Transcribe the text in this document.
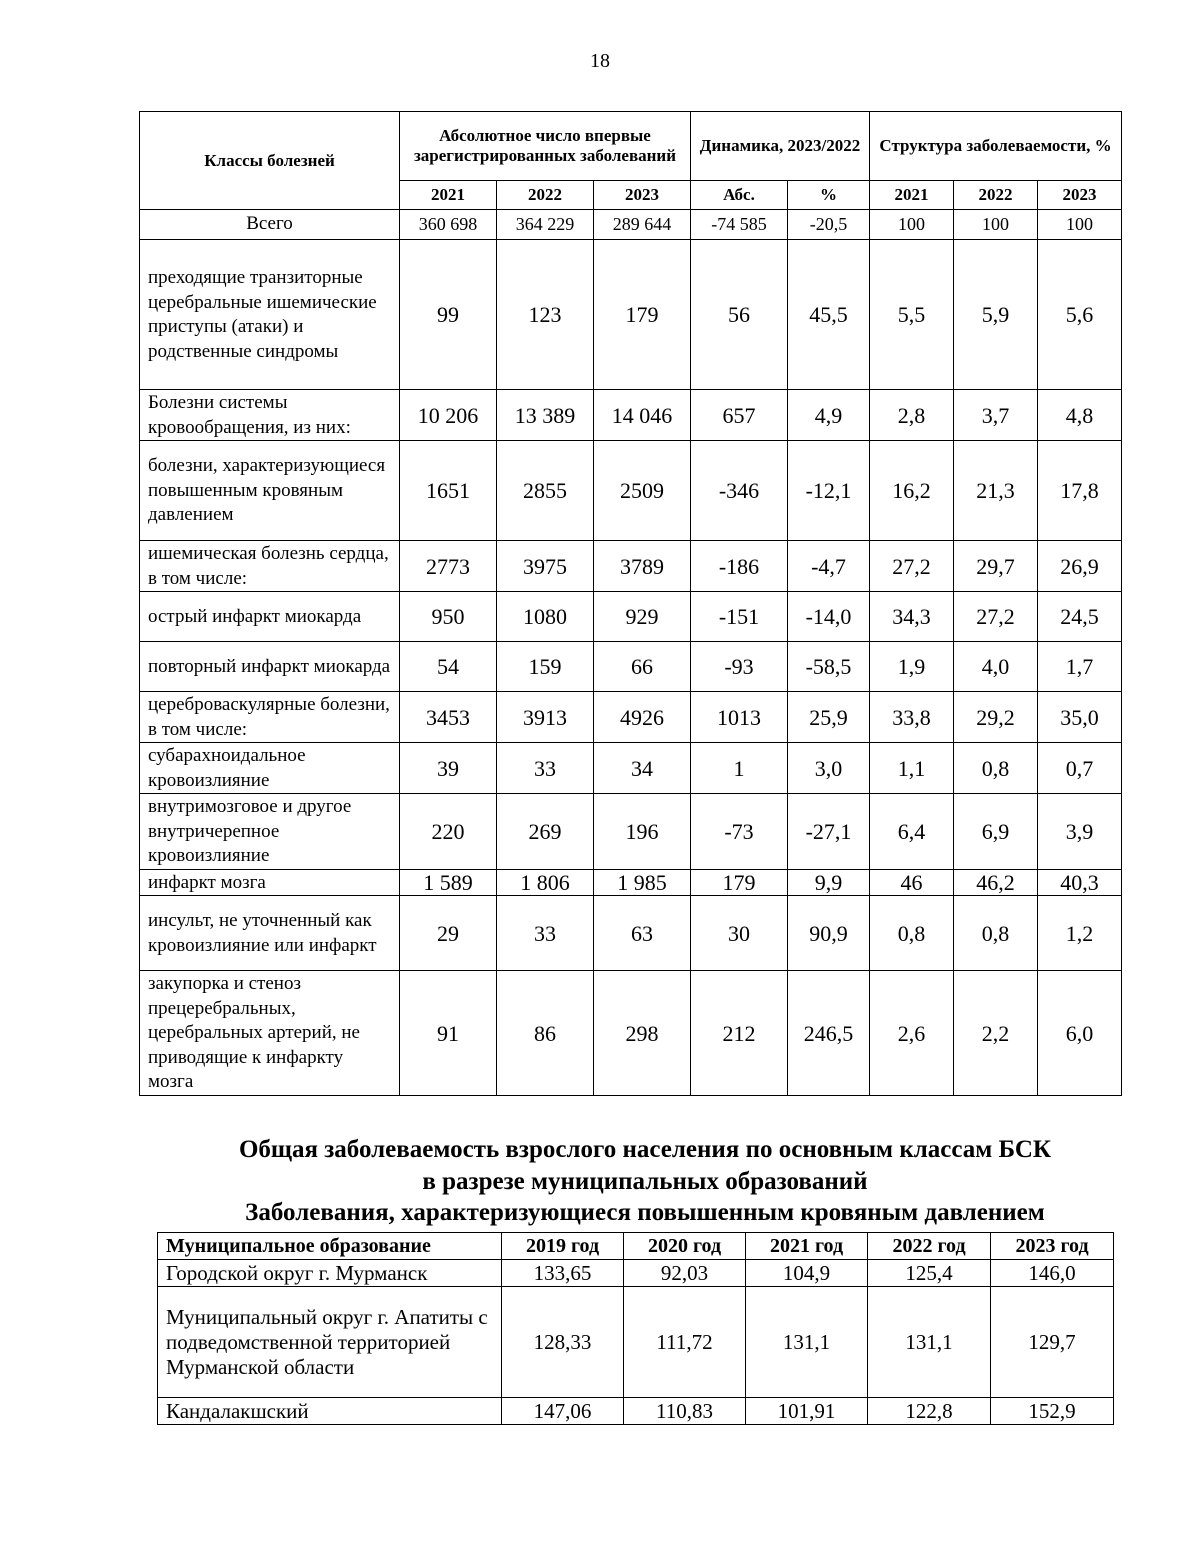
18
Классы болезней	Абсолютное число впервые зарегистрированных заболеваний			Динамика, 2023/2022		Структура заболеваемости, %		
	2021	2022	2023	Абс.	%	2021	2022	2023
Всего	360 698	364 229	289 644	-74 585	-20,5	100	100	100
преходящие транзиторные церебральные ишемические приступы (атаки) и родственные синдромы	99	123	179	56	45,5	5,5	5,9	5,6
Болезни системы кровообращения, из них:	10 206	13 389	14 046	657	4,9	2,8	3,7	4,8
болезни, характеризующиеся повышенным кровяным давлением	1651	2855	2509	-346	-12,1	16,2	21,3	17,8
ишемическая болезнь сердца, в том числе:	2773	3975	3789	-186	-4,7	27,2	29,7	26,9
острый инфаркт миокарда	950	1080	929	-151	-14,0	34,3	27,2	24,5
повторный инфаркт миокарда	54	159	66	-93	-58,5	1,9	4,0	1,7
цереброваскулярные болезни, в том числе:	3453	3913	4926	1013	25,9	33,8	29,2	35,0
субарахноидальное кровоизлияние	39	33	34	1	3,0	1,1	0,8	0,7
внутримозговое и другое внутричерепное кровоизлияние	220	269	196	-73	-27,1	6,4	6,9	3,9
инфаркт мозга	1 589	1 806	1 985	179	9,9	46	46,2	40,3
инсульт, не уточненный как кровоизлияние или инфаркт	29	33	63	30	90,9	0,8	0,8	1,2
закупорка и стеноз прецеребральных, церебральных артерий, не приводящие к инфаркту мозга	91	86	298	212	246,5	2,6	2,2	6,0
Общая заболеваемость взрослого населения по основным классам БСК
в разрезе муниципальных образований
Заболевания, характеризующиеся повышенным кровяным давлением
Муниципальное образование	2019 год	2020 год	2021 год	2022 год	2023 год
Городской округ г. Мурманск	133,65	92,03	104,9	125,4	146,0
Муниципальный округ г. Апатиты с подведомственной территорией Мурманской области	128,33	111,72	131,1	131,1	129,7
Кандалакшский	147,06	110,83	101,91	122,8	152,9
